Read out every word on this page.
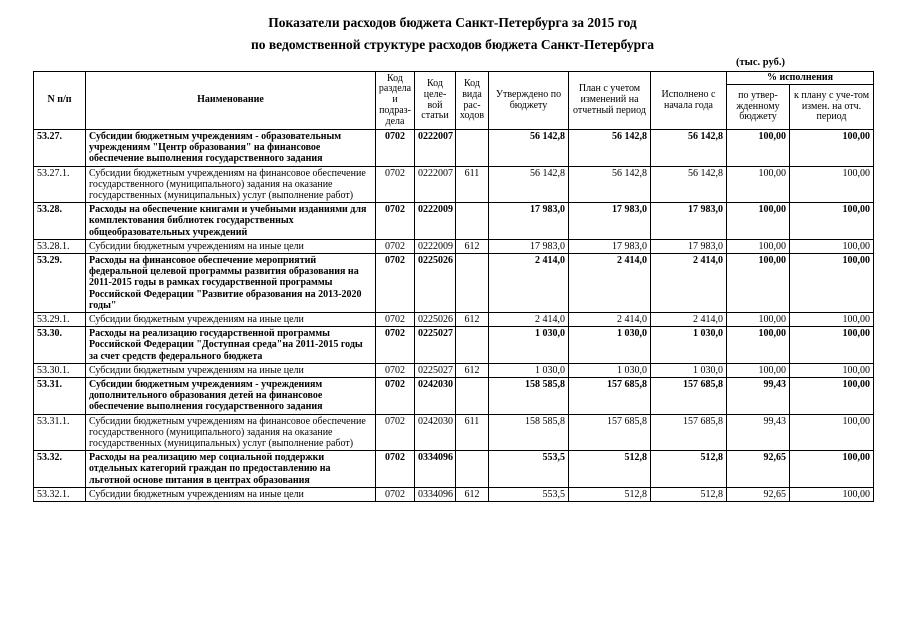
Показатели расходов бюджета Санкт-Петербурга за 2015 год
по ведомственной структуре расходов бюджета Санкт-Петербурга
(тыс. руб.)
N п/п	Наименование	Код раздела и подраз-дела	Код целе-вой статьи	Код вида рас-ходов	Утверждено по бюджету	План с учетом изменений на отчетный период	Исполнено с начала года	% исполнения	
								по утвер-жденному бюджету	к плану с уче-том измен. на отч. период
53.27.	Субсидии бюджетным учреждениям - образовательным учреждениям "Центр образования" на финансовое обеспечение выполнения государственного задания	0702	0222007		56 142,8	56 142,8	56 142,8	100,00	100,00
53.27.1.	Субсидии бюджетным учреждениям на финансовое обеспечение государственного (муниципального) задания на оказание государственных (муниципальных) услуг (выполнение работ)	0702	0222007	611	56 142,8	56 142,8	56 142,8	100,00	100,00
53.28.	Расходы на обеспечение книгами и учебными изданиями для комплектования библиотек государственных общеобразовательных учреждений	0702	0222009		17 983,0	17 983,0	17 983,0	100,00	100,00
53.28.1.	Субсидии бюджетным учреждениям на иные цели	0702	0222009	612	17 983,0	17 983,0	17 983,0	100,00	100,00
53.29.	Расходы на финансовое обеспечение мероприятий федеральной целевой программы развития образования на 2011-2015 годы в рамках государственной программы Российской Федерации "Развитие образования на 2013-2020 годы"	0702	0225026		2 414,0	2 414,0	2 414,0	100,00	100,00
53.29.1.	Субсидии бюджетным учреждениям на иные цели	0702	0225026	612	2 414,0	2 414,0	2 414,0	100,00	100,00
53.30.	Расходы на реализацию государственной программы Российской Федерации "Доступная среда"на 2011-2015 годы за счет средств федерального бюджета	0702	0225027		1 030,0	1 030,0	1 030,0	100,00	100,00
53.30.1.	Субсидии бюджетным учреждениям на иные цели	0702	0225027	612	1 030,0	1 030,0	1 030,0	100,00	100,00
53.31.	Субсидии бюджетным учреждениям - учреждениям дополнительного образования детей на финансовое обеспечение выполнения государственного задания	0702	0242030		158 585,8	157 685,8	157 685,8	99,43	100,00
53.31.1.	Субсидии бюджетным учреждениям на финансовое обеспечение государственного (муниципального) задания на оказание государственных (муниципальных) услуг (выполнение работ)	0702	0242030	611	158 585,8	157 685,8	157 685,8	99,43	100,00
53.32.	Расходы на реализацию мер социальной поддержки отдельных категорий граждан по предоставлению на льготной основе питания в центрах образования	0702	0334096		553,5	512,8	512,8	92,65	100,00
53.32.1.	Субсидии бюджетным учреждениям на иные цели	0702	0334096	612	553,5	512,8	512,8	92,65	100,00
